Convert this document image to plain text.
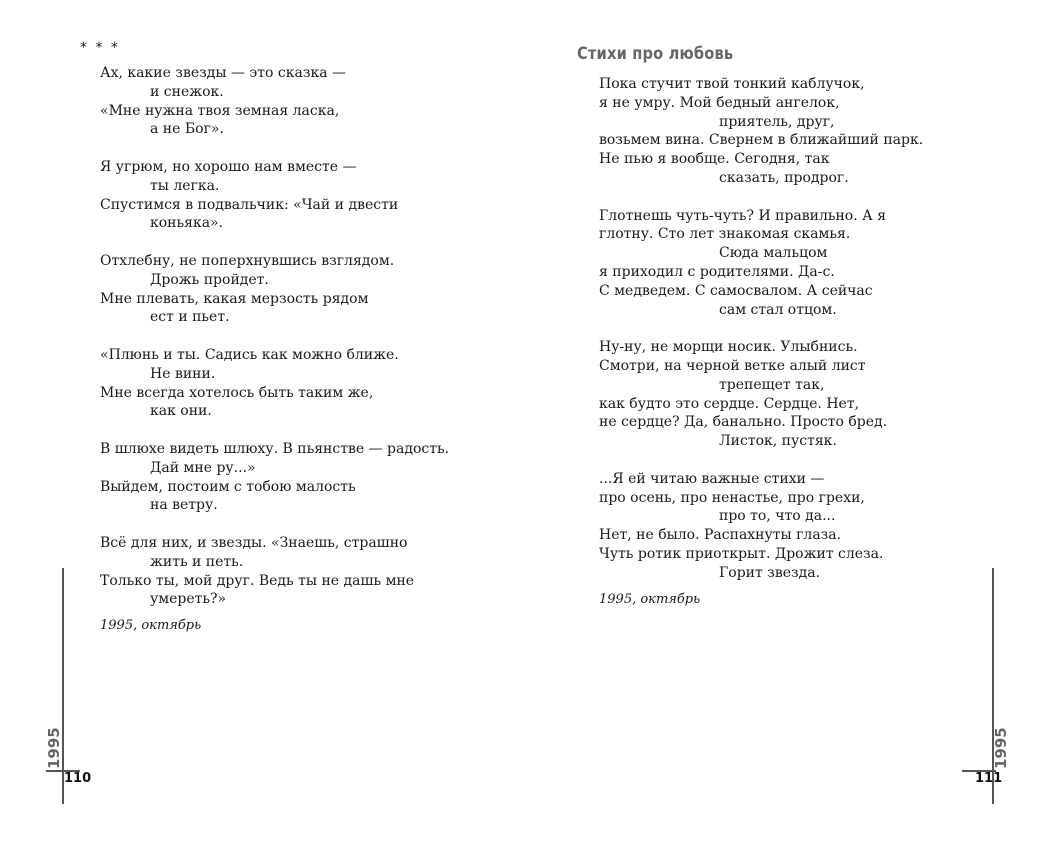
* * *
Ах, какие звезды — это сказка —
и снежок.
«Мне нужна твоя земная ласка,
а не Бог».
Я угрюм, но хорошо нам вместе —
ты легка.
Спустимся в подвальчик: «Чай и двести
коньяка».
Отхлебну, не поперхнувшись взглядом.
Дрожь пройдет.
Мне плевать, какая мерзость рядом
ест и пьет.
«Плюнь и ты. Садись как можно ближе.
Не вини.
Мне всегда хотелось быть таким же,
как они.
В шлюхе видеть шлюху. В пьянстве — радость.
Дай мне ру...»
Выйдем, постоим с тобою малость
на ветру.
Всё для них, и звезды. «Знаешь, страшно
жить и петь.
Только ты, мой друг. Ведь ты не дашь мне
умереть?»
1995, октябрь
1995
110
Стихи про любовь
Пока стучит твой тонкий каблучок,
я не умру. Мой бедный ангелок,
приятель, друг,
возьмем вина. Свернем в ближайший парк.
Не пью я вообще. Сегодня, так
сказать, продрог.
Глотнешь чуть-чуть? И правильно. А я
глотну. Сто лет знакомая скамья.
Сюда мальцом
я приходил с родителями. Да-с.
С медведем. С самосвалом. А сейчас
сам стал отцом.
Ну-ну, не морщи носик. Улыбнись.
Смотри, на черной ветке алый лист
трепещет так,
как будто это сердце. Сердце. Нет,
не сердце? Да, банально. Просто бред.
Листок, пустяк.
...Я ей читаю важные стихи —
про осень, про ненастье, про грехи,
про то, что да...
Нет, не было. Распахнуты глаза.
Чуть ротик приоткрыт. Дрожит слеза.
Горит звезда.
1995, октябрь
1995
111
